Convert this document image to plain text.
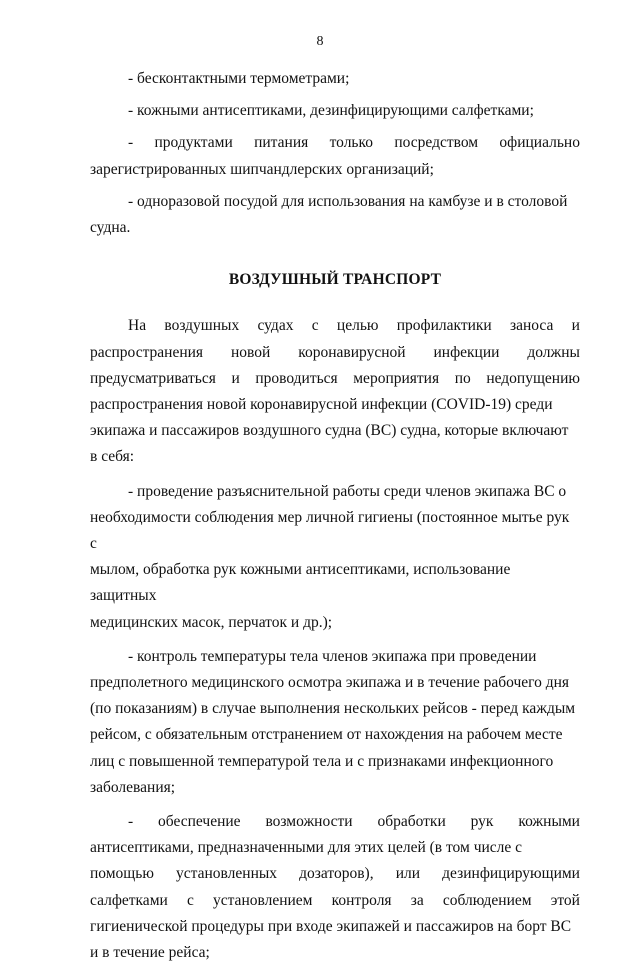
8

- бесконтактными термометрами;

- кожными антисептиками, дезинфицирующими салфетками;

- продуктами питания только посредством официально

зарегистрированных шипчандлерских организаций;

- одноразовой посудой для использования на камбузе и в столовой

судна.

ВОЗДУШНЫЙ ТРАНСПОРТ
На воздушных судах с целью профилактики заноса и
распространения новой коронавирусной инфекции должны
предусматриваться и проводиться мероприятия по недопущению

распространения новой коронавирусной инфекции (COVID-19) среди

экипажа и пассажиров воздушного судна (ВС) судна, которые включают

в себя:

- проведение разъяснительной работы среди членов экипажа ВС о

необходимости соблюдения мер личной гигиены (постоянное мытье рук с

мылом, обработка рук кожными антисептиками, использование защитных

медицинских масок, перчаток и др.);

- контроль температуры тела членов экипажа при проведении

предполетного медицинского осмотра экипажа и в течение рабочего дня

(по показаниям) в случае выполнения нескольких рейсов - перед каждым

рейсом, с обязательным отстранением от нахождения на рабочем месте

лиц с повышенной температурой тела и с признаками инфекционного

заболевания;

- обеспечение возможности обработки рук кожными

антисептиками, предназначенными для этих целей (в том числе с

помощью установленных дозаторов), или дезинфицирующими
салфетками с установлением контроля за соблюдением этой

гигиенической процедуры при входе экипажей и пассажиров на борт ВС

и в течение рейса;
